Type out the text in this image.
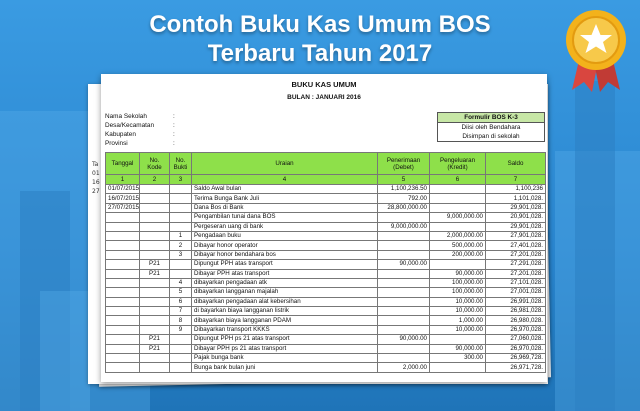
Contoh Buku Kas Umum BOS
Terbaru Tahun 2017
Ta
01
16
27
BUKU KAS UMUM
BULAN : JANUARI 2016
Nama Sekolah	:
Desa/Kecamatan	:
Kabupaten	:
Provinsi	:
Formulir BOS K-3
Diisi oleh Bendahara
Disimpan di sekolah
Tanggal	No. Kode	No. Bukti	Uraian	Penerimaan (Debet)	Pengeluaran (Kredit)	Saldo
1	2	3	4	5	6	7
01/07/2015			Saldo Awal bulan	1,100,236.50		1,100,236
16/07/2015			Terima Bunga Bank Juli	792.00		1,101,028.
27/07/2015			Dana Bos di Bank	28,800,000.00		29,901,028.
			Pengambilan tunai dana BOS		9,000,000.00	20,901,028.
			Pergeseran uang di bank	9,000,000.00		29,901,028.
		1	Pengadaan buku		2,000,000.00	27,901,028.
		2	Dibayar honor operator		500,000.00	27,401,028.
		3	Dibayar honor bendahara bos		200,000.00	27,201,028.
	P21		Dipungut PPH atas transport	90,000.00		27,291,028.
	P21		Dibayar PPH atas transport		90,000.00	27,201,028.
		4	dibayarkan pengadaan atk		100,000.00	27,101,028.
		5	dibayarkan langganan majalah		100,000.00	27,001,028.
		6	dibayarkan pengadaan alat kebersihan		10,000.00	26,991,028.
		7	di bayarkan biaya langganan listrik		10,000.00	26,981,028.
		8	dibayarkan biaya langganan PDAM		1,000.00	26,980,028.
		9	Dibayarkan transport KKKS		10,000.00	26,970,028.
	P21		Dipungut PPH ps 21 atas transport	90,000.00		27,060,028.
	P21		Dibayar PPH ps 21 atas transport		90,000.00	26,970,028.
			Pajak bunga bank		300.00	26,969,728.
			Bunga bank bulan juni	2,000.00		26,971,728.
